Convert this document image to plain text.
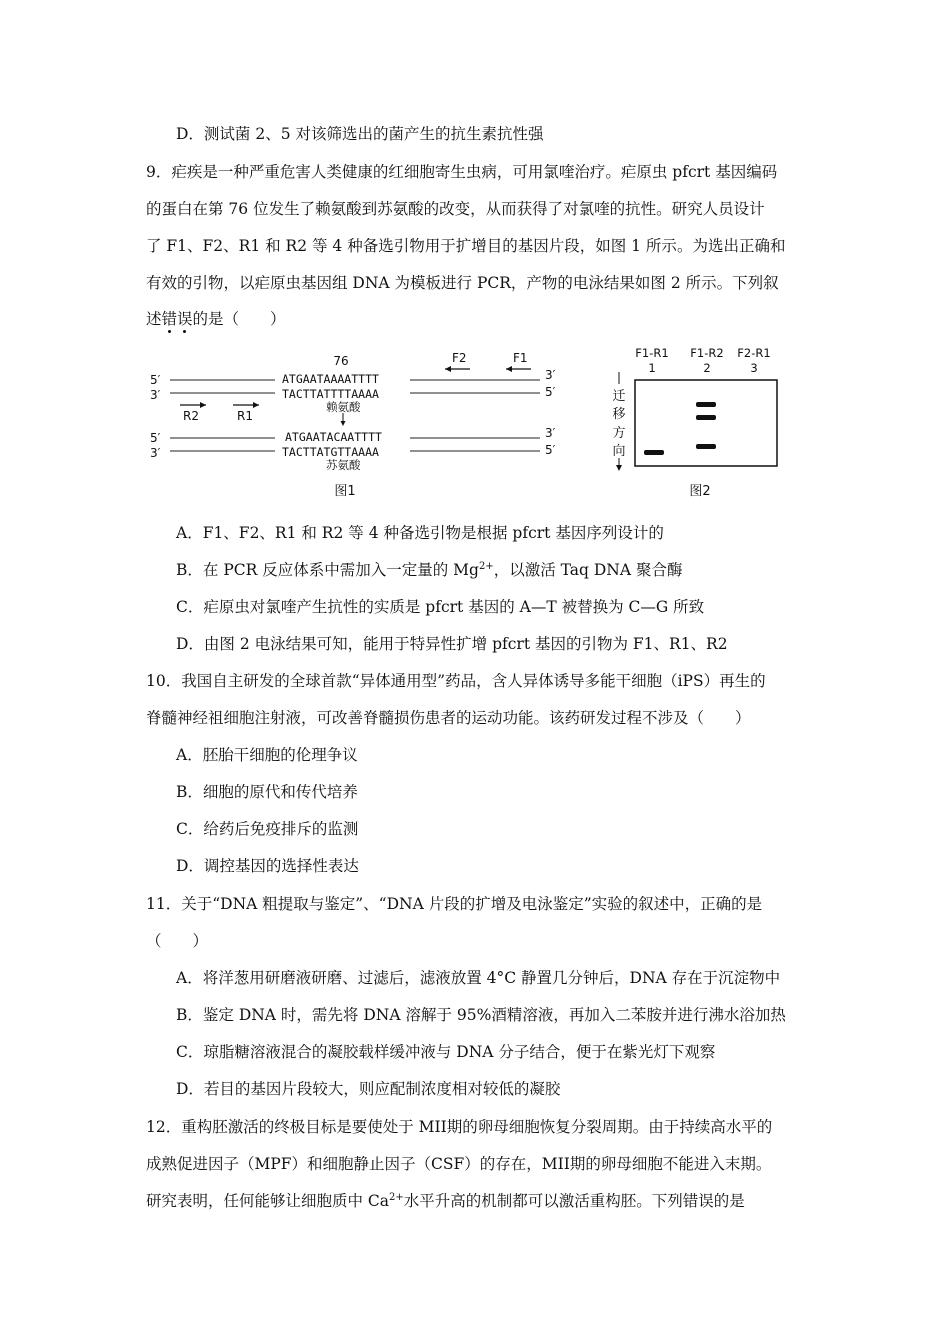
D．测试菌 2、5 对该筛选出的菌产生的抗生素抗性强
9．疟疾是一种严重危害人类健康的红细胞寄生虫病，可用氯喹治疗。疟原虫 pfcrt 基因编码
的蛋白在第 76 位发生了赖氨酸到苏氨酸的改变，从而获得了对氯喹的抗性。研究人员设计
了 F1、F2、R1 和 R2 等 4 种备选引物用于扩增目的基因片段，如图 1 所示。为选出正确和
有效的引物，以疟原虫基因组 DNA 为模板进行 PCR，产物的电泳结果如图 2 所示。下列叙
述错误的是（　　）
76
5′
3′
ATGAATAAAATTTT
TACTTATTTTAAAA
3′
5′
F2	F1
R2	R1
赖氨酸
5′
3′
ATGAATACAATTTT
TACTTATGTTAAAA
3′
5′
苏氨酸
图1
F1-R1 F1-R2 F2-R1
1	2	3
迁
移
方
向
图2
A．F1、F2、R1 和 R2 等 4 种备选引物是根据 pfcrt 基因序列设计的
B．在 PCR 反应体系中需加入一定量的 $Mg^{2+}$，以激活 Taq DNA 聚合酶
C．疟原虫对氯喹产生抗性的实质是 pfcrt 基因的 A—T 被替换为 C—G 所致
D．由图 2 电泳结果可知，能用于特异性扩增 pfcrt 基因的引物为 F1、R1、R2
10．我国自主研发的全球首款“异体通用型”药品，含人异体诱导多能干细胞（iPS）再生的
脊髓神经祖细胞注射液，可改善脊髓损伤患者的运动功能。该药研发过程不涉及（　　）
A．胚胎干细胞的伦理争议
B．细胞的原代和传代培养
C．给药后免疫排斥的监测
D．调控基因的选择性表达
11．关于“DNA 粗提取与鉴定”、“DNA 片段的扩增及电泳鉴定”实验的叙述中，正确的是
（　　）
A．将洋葱用研磨液研磨、过滤后，滤液放置 4°C 静置几分钟后，DNA 存在于沉淀物中
B．鉴定 DNA 时，需先将 DNA 溶解于 95%酒精溶液，再加入二苯胺并进行沸水浴加热
C．琼脂糖溶液混合的凝胶载样缓冲液与 DNA 分子结合，便于在紫光灯下观察
D．若目的基因片段较大，则应配制浓度相对较低的凝胶
12．重构胚激活的终极目标是要使处于 MII期的卵母细胞恢复分裂周期。由于持续高水平的
成熟促进因子（MPF）和细胞静止因子（CSF）的存在，MII期的卵母细胞不能进入末期。
研究表明，任何能够让细胞质中 $Ca^{2+}$水平升高的机制都可以激活重构胚。下列错误的是
